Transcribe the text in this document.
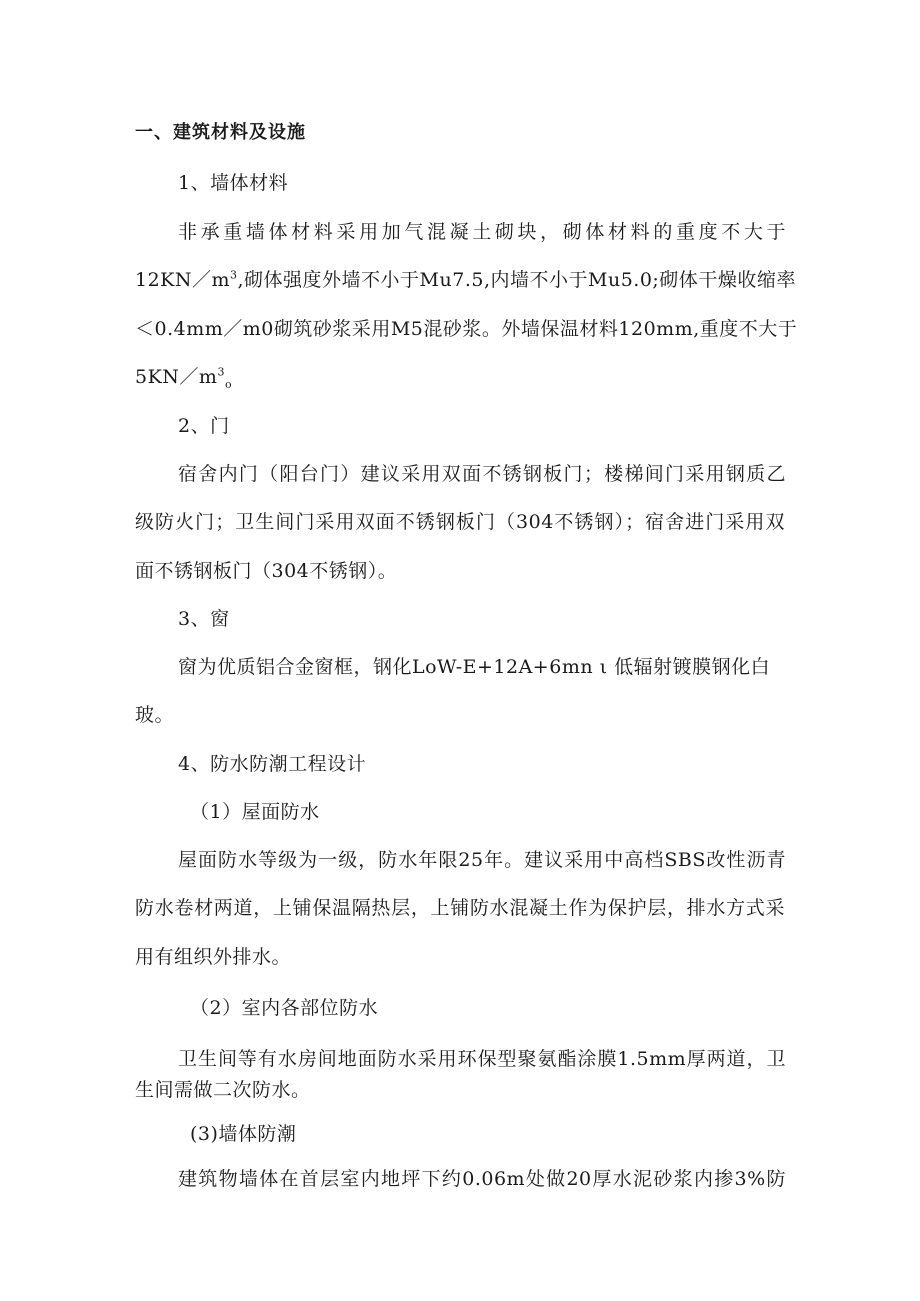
一、建筑材料及设施
1、墙体材料
非承重墙体材料采用加气混凝土砌块，砌体材料的重度不大于
$12KN/m^3$,砌体强度外墙不小于Mu7.5,内墙不小于Mu5.0;砌体干燥收缩率
＜0.4mm／m0砌筑砂浆采用M5混砂浆。外墙保温材料120mm,重度不大于
$5KN/m^3_o$
2、门
宿舍内门（阳台门）建议采用双面不锈钢板门；楼梯间门采用钢质乙
级防火门；卫生间门采用双面不锈钢板门（304不锈钢）；宿舍进门采用双
面不锈钢板门（304不锈钢）。
3、窗
窗为优质铝合金窗框，钢化LoW-E+12A+6mn ι 低辐射镀膜钢化白
玻。
4、防水防潮工程设计
（1）屋面防水
屋面防水等级为一级，防水年限25年。建议采用中高档SBS改性沥青
防水卷材两道，上铺保温隔热层，上铺防水混凝土作为保护层，排水方式采
用有组织外排水。
（2）室内各部位防水
卫生间等有水房间地面防水采用环保型聚氨酯涂膜1.5mm厚两道，卫
生间需做二次防水。
(3)墙体防潮
建筑物墙体在首层室内地坪下约0.06m处做20厚水泥砂浆内掺3%防
